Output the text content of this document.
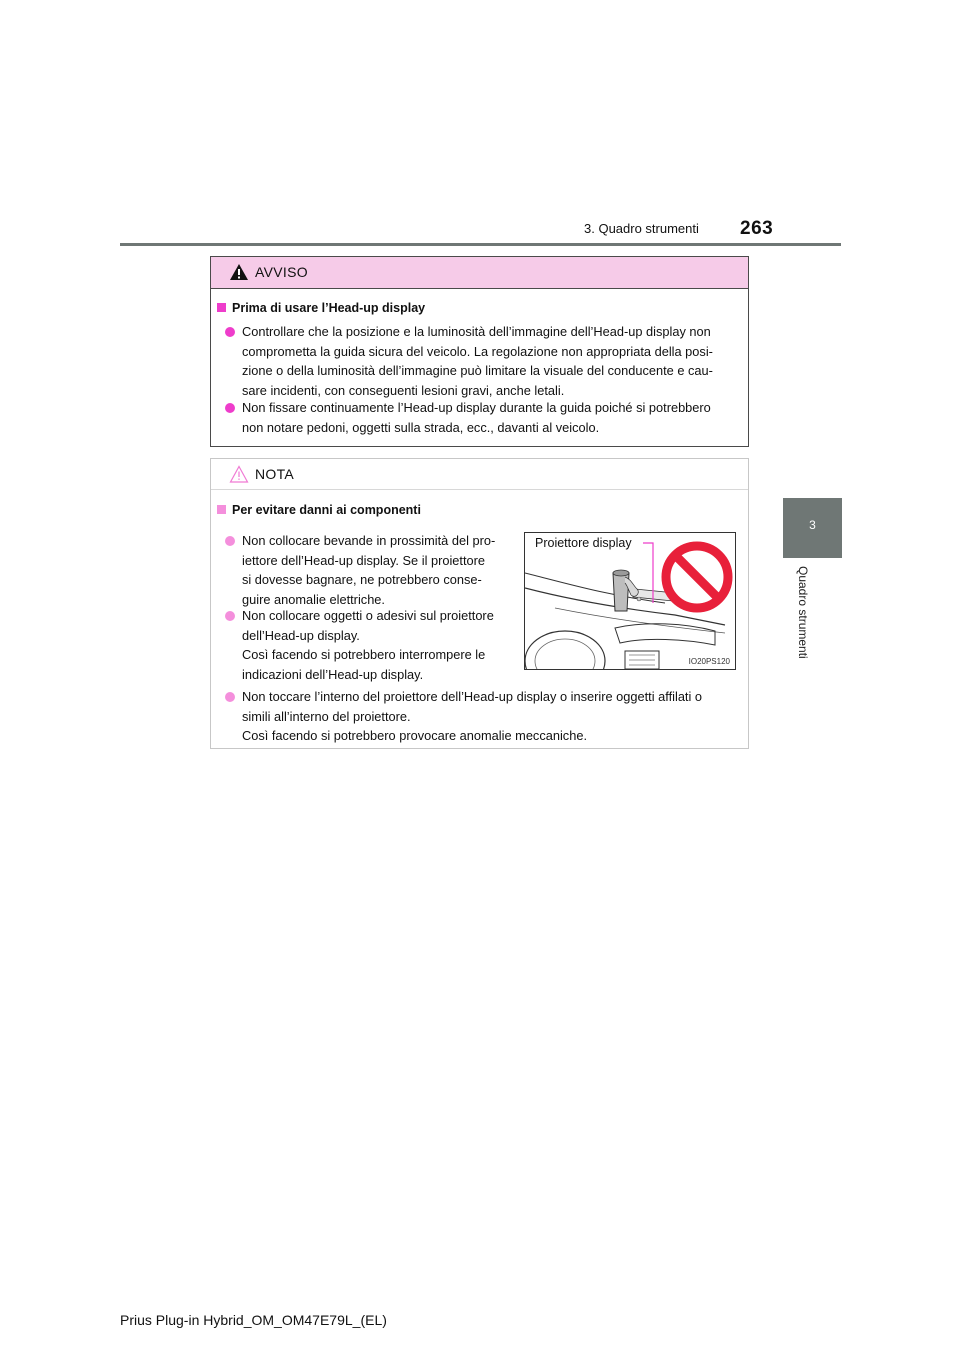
263
3. Quadro strumenti
3
Quadro strumenti
AVVISO
Prima di usare l’Head-up display
Controllare che la posizione e la luminosità dell’immagine dell’Head-up display non
comprometta la guida sicura del veicolo. La regolazione non appropriata della posi-
zione o della luminosità dell’immagine può limitare la visuale del conducente e cau-
sare incidenti, con conseguenti lesioni gravi, anche letali.
Non fissare continuamente l’Head-up display durante la guida poiché si potrebbero
non notare pedoni, oggetti sulla strada, ecc., davanti al veicolo.
NOTA
Per evitare danni ai componenti
Non collocare bevande in prossimità del pro-
iettore dell’Head-up display. Se il proiettore
si dovesse bagnare, ne potrebbero conse-
guire anomalie elettriche.
Non collocare oggetti o adesivi sul proiettore
dell’Head-up display.
Così facendo si potrebbero interrompere le
indicazioni dell’Head-up display.
Non toccare l’interno del proiettore dell’Head-up display o inserire oggetti affilati o
simili all’interno del proiettore.
Così facendo si potrebbero provocare anomalie meccaniche.
Proiettore display
IO20PS120
Prius Plug-in Hybrid_OM_OM47E79L_(EL)
